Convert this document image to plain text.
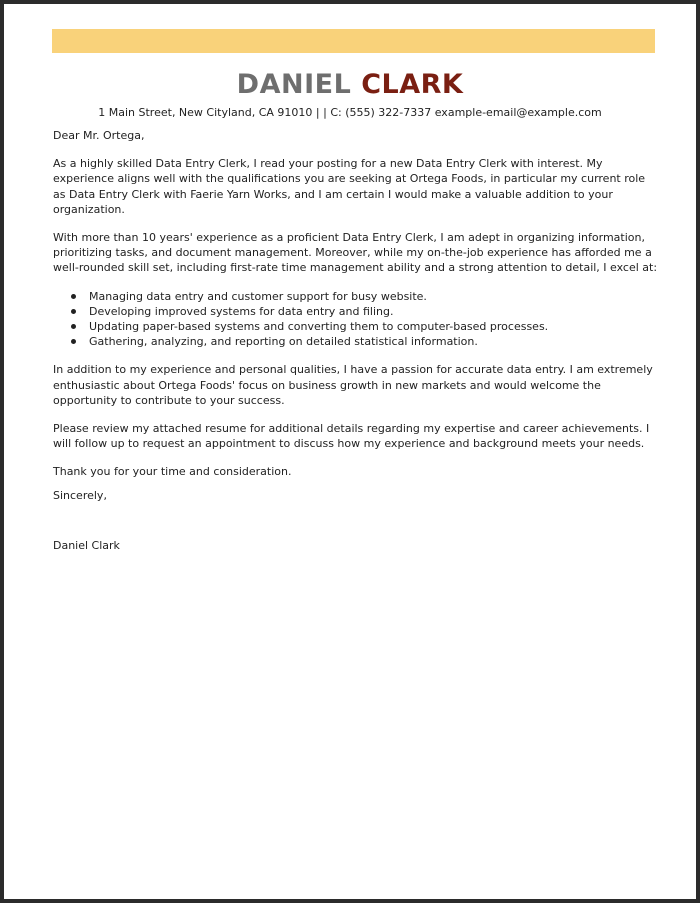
DANIEL CLARK
1 Main Street, New Cityland, CA 91010 | | C: (555) 322-7337 example-email@example.com

Dear Mr. Ortega,

As a highly skilled Data Entry Clerk, I read your posting for a new Data Entry Clerk with interest. My experience aligns well with the qualifications you are seeking at Ortega Foods, in particular my current role as Data Entry Clerk with Faerie Yarn Works, and I am certain I would make a valuable addition to your organization.

With more than 10 years' experience as a proficient Data Entry Clerk, I am adept in organizing information, prioritizing tasks, and document management. Moreover, while my on-the-job experience has afforded me a well-rounded skill set, including first-rate time management ability and a strong attention to detail, I excel at:

Managing data entry and customer support for busy website.
Developing improved systems for data entry and filing.
Updating paper-based systems and converting them to computer-based processes.
Gathering, analyzing, and reporting on detailed statistical information.

In addition to my experience and personal qualities, I have a passion for accurate data entry. I am extremely enthusiastic about Ortega Foods' focus on business growth in new markets and would welcome the opportunity to contribute to your success.

Please review my attached resume for additional details regarding my expertise and career achievements. I will follow up to request an appointment to discuss how my experience and background meets your needs.

Thank you for your time and consideration.

Sincerely,

Daniel Clark
